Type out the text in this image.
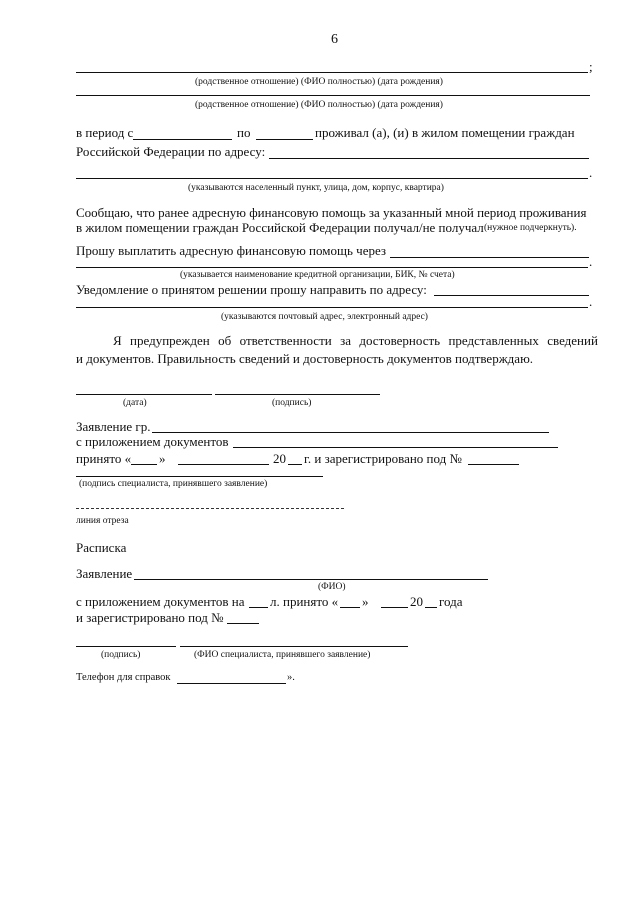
6
;
(родственное отношение) (ФИО полностью) (дата рождения)
(родственное отношение) (ФИО полностью) (дата рождения)
в период с	по	проживал (а), (и) в жилом помещении граждан
Российской Федерации по адресу:
.
(указываются населенный пункт, улица, дом, корпус, квартира)
Сообщаю, что ранее адресную финансовую помощь за указанный мной период проживания
в жилом помещении граждан Российской Федерации получал/не получал (нужное подчеркнуть).
Прошу выплатить адресную финансовую помощь через
.
(указывается наименование кредитной организации, БИК, № счета)
Уведомление о принятом решении прошу направить по адресу:
.
(указываются почтовый адрес, электронный адрес)
Я предупрежден об ответственности за достоверность представленных сведений
и документов. Правильность сведений и достоверность документов подтверждаю.
(дата)	(подпись)
Заявление гр.
с приложением документов
принято « »	20 г. и зарегистрировано под №
(подпись специалиста, принявшего заявление)
линия отреза
Расписка
Заявление
(ФИО)
с приложением документов на л. принято « »	20 года
и зарегистрировано под №
(подпись)	(ФИО специалиста, принявшего заявление)
Телефон для справок	».
